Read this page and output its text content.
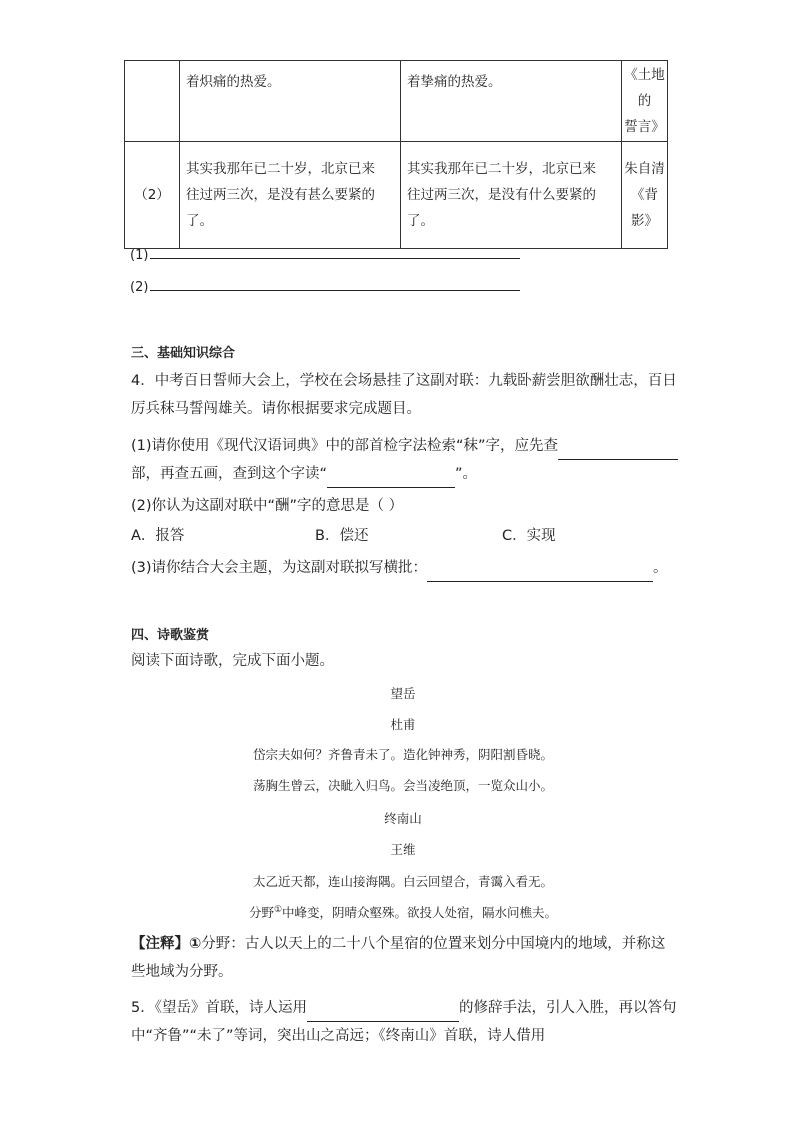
	着炽痛的热爱。	着挚痛的热爱。	《土地的
誓言》
（2）	其实我那年已二十岁，北京已来
往过两三次，是没有甚么要紧的
了。	其实我那年已二十岁，北京已来
往过两三次，是没有什么要紧的
了。	朱自清
《背影》
(1)
(2)
三、基础知识综合
4．中考百日誓师大会上，学校在会场悬挂了这副对联：九载卧薪尝胆欲酬壮志，百日
厉兵秣马誓闯雄关。请你根据要求完成题目。
(1)请你使用《现代汉语词典》中的部首检字法检索“秣”字，应先查
部，再查五画，查到这个字读“	”。
(2)你认为这副对联中“酬”字的意思是（ ）
A．报答	B．偿还	C．实现
(3)请你结合大会主题，为这副对联拟写横批：	。
四、诗歌鉴赏
阅读下面诗歌，完成下面小题。
望岳
杜甫
岱宗夫如何？齐鲁青未了。造化钟神秀，阴阳割昏晓。
荡胸生曾云，决眦入归鸟。会当凌绝顶，一览众山小。
终南山
王维
太乙近天都，连山接海隅。白云回望合，青霭入看无。
分野①中峰变，阴晴众壑殊。欲投人处宿，隔水问樵夫。
【注释】①分野：古人以天上的二十八个星宿的位置来划分中国境内的地域，并称这
些地域为分野。
5．《望岳》首联，诗人运用	的修辞手法，引人入胜，再以答句
中“齐鲁”“未了”等词，突出山之高远；《终南山》首联，诗人借用
